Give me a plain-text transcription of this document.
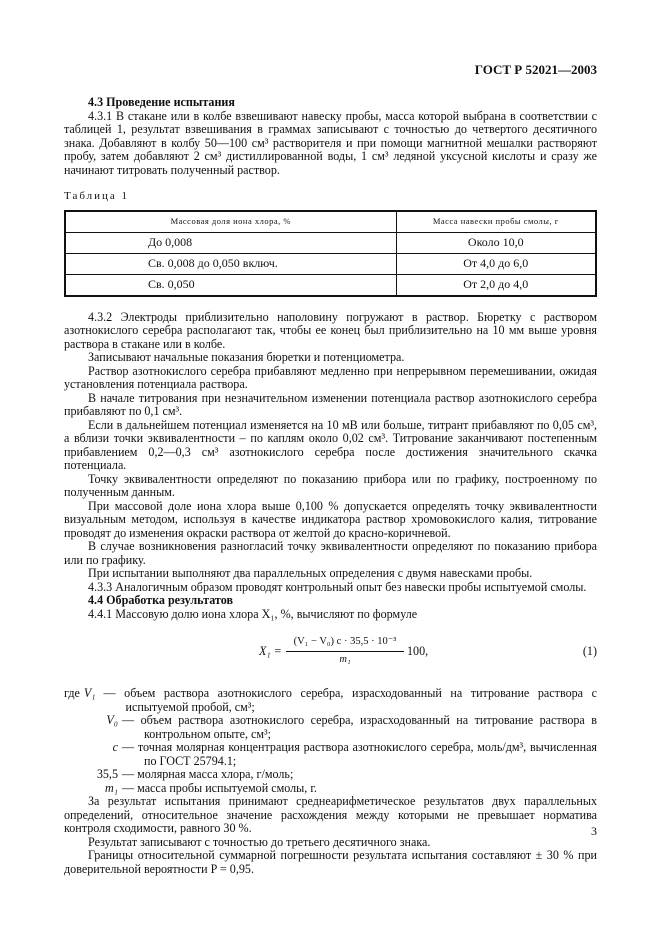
ГОСТ Р 52021—2003
4.3 Проведение испытания

4.3.1 В стакане или в колбе взвешивают навеску пробы, масса которой выбрана в соответствии с таблицей 1, результат взвешивания в граммах записывают с точностью до четвертого десятичного знака. Добавляют в колбу 50—100 см³ растворителя и при помощи магнитной мешалки растворяют пробу, затем добавляют 2 см³ дистиллированной воды, 1 см³ ледяной уксусной кислоты и сразу же начинают титровать полученный раствор.

Таблица 1
Массовая доля иона хлора, %	Масса навески пробы смолы, г
До 0,008	Около 10,0
Св. 0,008 до 0,050 включ.	От 4,0 до 6,0
Св. 0,050	От 2,0 до 4,0

4.3.2 Электроды приблизительно наполовину погружают в раствор. Бюретку с раствором азотнокислого серебра располагают так, чтобы ее конец был приблизительно на 10 мм выше уровня раствора в стакане или в колбе.

Записывают начальные показания бюретки и потенциометра.

Раствор азотнокислого серебра прибавляют медленно при непрерывном перемешивании, ожидая установления потенциала раствора.

В начале титрования при незначительном изменении потенциала раствор азотнокислого серебра прибавляют по 0,1 см³.

Если в дальнейшем потенциал изменяется на 10 мВ или больше, титрант прибавляют по 0,05 см³, а вблизи точки эквивалентности – по каплям около 0,02 см³. Титрование заканчивают постепенным прибавлением 0,2—0,3 см³ азотнокислого серебра после достижения значительного скачка потенциала.

Точку эквивалентности определяют по показанию прибора или по графику, построенному по полученным данным.

При массовой доле иона хлора выше 0,100 % допускается определять точку эквивалентности визуальным методом, используя в качестве индикатора раствор хромовокислого калия, титрование проводят до изменения окраски раствора от желтой до красно-коричневой.

В случае возникновения разногласий точку эквивалентности определяют по показанию прибора или по графику.

При испытании выполняют два параллельных определения с двумя навесками пробы.

4.3.3 Аналогичным образом проводят контрольный опыт без навески пробы испытуемой смолы.

4.4 Обработка результатов

4.4.1 Массовую долю иона хлора X₁, %, вычисляют по формуле

$X_1 = \frac{\text{(V₁ − V₀) c · 35,5 · 10⁻³}}{\text{m₁}} 100$,	(1)
где V₁ — объем раствора азотнокислого серебра, израсходованный на титрование раствора с испытуемой пробой, см³;
V₀ — объем раствора азотнокислого серебра, израсходованный на титрование раствора в контрольном опыте, см³;
c — точная молярная концентрация раствора азотнокислого серебра, моль/дм³, вычисленная по ГОСТ 25794.1;
35,5 — молярная масса хлора, г/моль;
m₁ — масса пробы испытуемой смолы, г.

За результат испытания принимают среднеарифметическое результатов двух параллельных определений, относительное значение расхождения между которыми не превышает норматива контроля сходимости, равного 30 %.

Результат записывают с точностью до третьего десятичного знака.

Границы относительной суммарной погрешности результата испытания составляют ± 30 % при доверительной вероятности P = 0,95.

3
